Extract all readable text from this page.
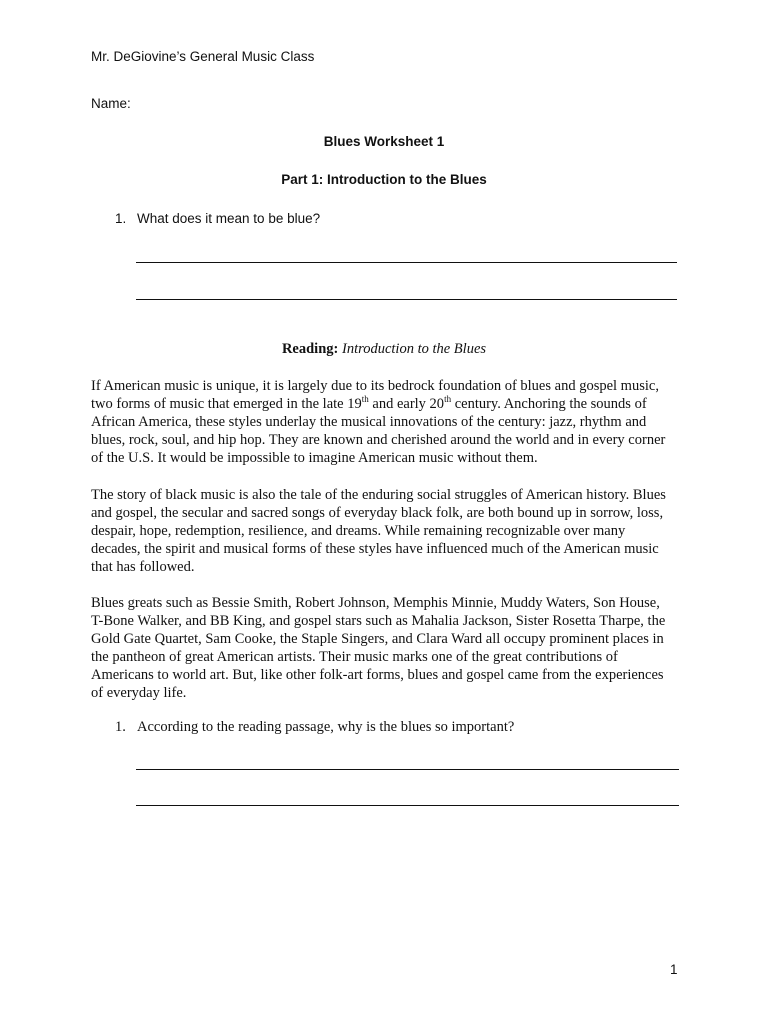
Mr. DeGiovine’s General Music Class
Name:
Blues Worksheet 1
Part 1: Introduction to the Blues
1. What does it mean to be blue?
Reading: Introduction to the Blues

If American music is unique, it is largely due to its bedrock foundation of blues and gospel music, two forms of music that emerged in the late 19th and early 20th century. Anchoring the sounds of African America, these styles underlay the musical innovations of the century: jazz, rhythm and blues, rock, soul, and hip hop. They are known and cherished around the world and in every corner of the U.S. It would be impossible to imagine American music without them.

The story of black music is also the tale of the enduring social struggles of American history. Blues and gospel, the secular and sacred songs of everyday black folk, are both bound up in sorrow, loss, despair, hope, redemption, resilience, and dreams. While remaining recognizable over many decades, the spirit and musical forms of these styles have influenced much of the American music that has followed.

Blues greats such as Bessie Smith, Robert Johnson, Memphis Minnie, Muddy Waters, Son House, T-Bone Walker, and BB King, and gospel stars such as Mahalia Jackson, Sister Rosetta Tharpe, the Gold Gate Quartet, Sam Cooke, the Staple Singers, and Clara Ward all occupy prominent places in the pantheon of great American artists. Their music marks one of the great contributions of Americans to world art. But, like other folk-art forms, blues and gospel came from the experiences of everyday life.

1. According to the reading passage, why is the blues so important?
1
